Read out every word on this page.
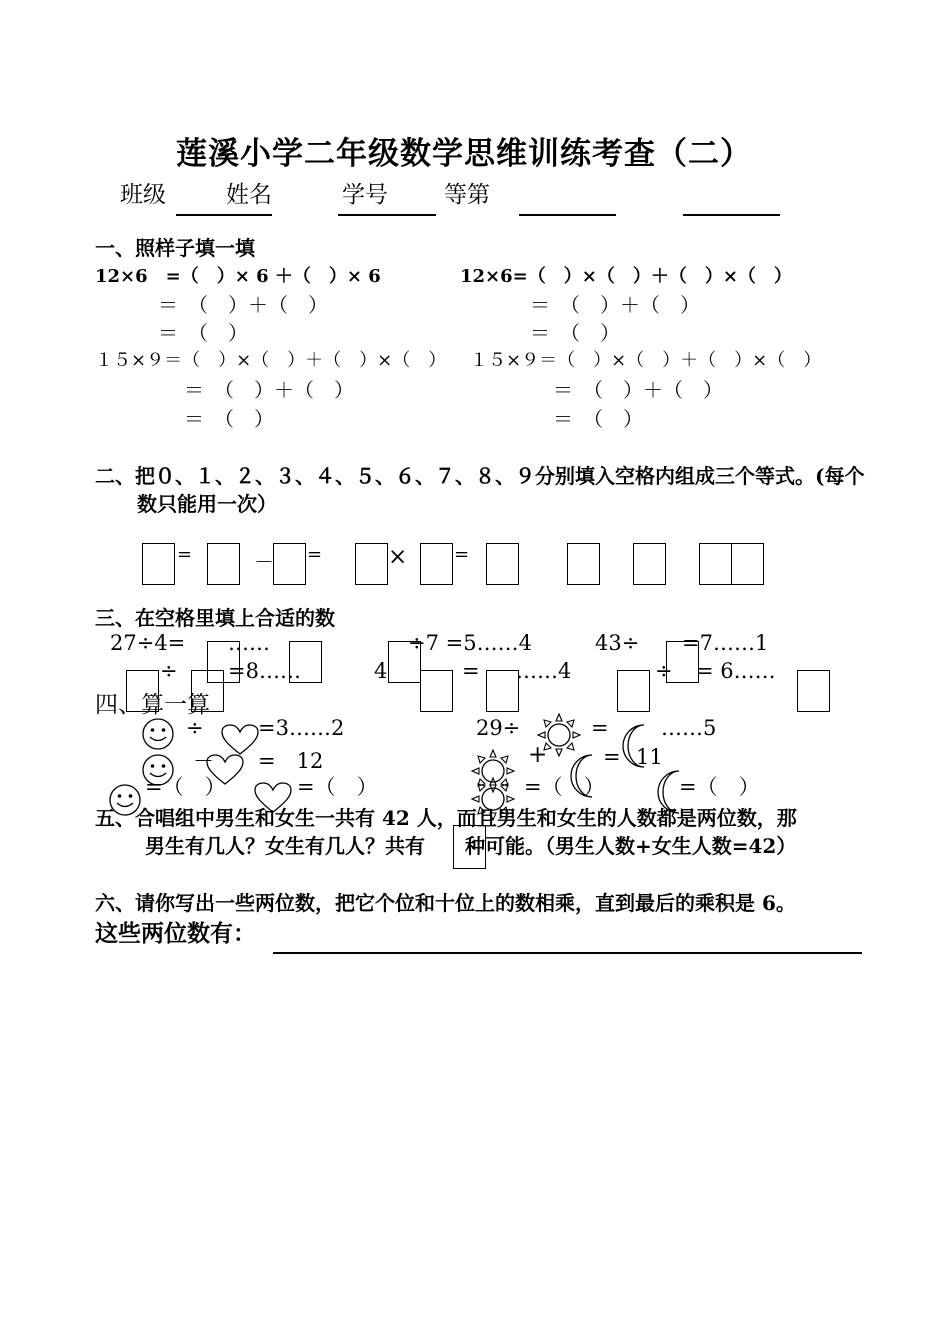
莲溪小学二年级数学思维训练考查（二）
班级	姓名	学号 等第
一、照样子填一填
12×6　=（　）× 6 ＋（　）× 6
＝　（　）＋（　）
＝　（　）
12×6=（　）×（　）＋（　）×（　）
＝　（　）＋（　）
＝　（　）
１５×９＝（　）×（　）＋（　）×（　）
＝　（　）＋（　）
＝　（　）
１５×９＝（　）×（　）＋（　）×（　）
＝　（　）＋（　）
＝　（　）
二、把０、１、２、３、４、５、６、７、８、９分别填入空格内组成三个等式。(每个
数只能用一次）
=	－ =	×	=
三、在空格里填上合适的数
27÷4= ……	÷7 =5……4	43÷ =7……1
÷ =8……	4	= ……4	÷ = 6……
四、算一算
÷	=3……2
－ =　12
=（　）	=（　）
29÷	= ……5
+	= 11
=（　）	=（　）
五、合唱组中男生和女生一共有 42 人，而且男生和女生的人数都是两位数，那
男生有几人？女生有几人？共有　　种可能。（男生人数+女生人数=42）
六、请你写出一些两位数，把它个位和十位上的数相乘，直到最后的乘积是 6。
这些两位数有：
